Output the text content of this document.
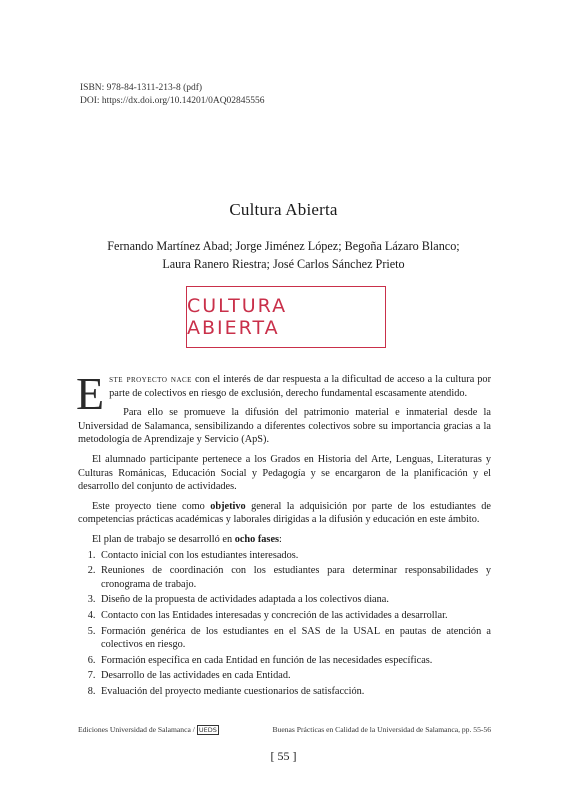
ISBN: 978-84-1311-213-8 (pdf)
DOI: https://dx.doi.org/10.14201/0AQ02845556
Cultura Abierta
Fernando Martínez Abad; Jorge Jiménez López; Begoña Lázaro Blanco;
Laura Ranero Riestra; José Carlos Sánchez Prieto
CULTURA ABIERTA

Este proyecto nace con el interés de dar respuesta a la dificultad de acceso a la cultura por parte de colectivos en riesgo de exclusión, derecho fundamental escasamente atendido.

Para ello se promueve la difusión del patrimonio material e inmaterial desde la Universidad de Salamanca, sensibilizando a diferentes colectivos sobre su importancia gracias a la metodología de Aprendizaje y Servicio (ApS).

El alumnado participante pertenece a los Grados en Historia del Arte, Lenguas, Literaturas y Culturas Románicas, Educación Social y Pedagogía y se encargaron de la planificación y el desarrollo del conjunto de actividades.

Este proyecto tiene como objetivo general la adquisición por parte de los estudiantes de competencias prácticas académicas y laborales dirigidas a la difusión y educación en este ámbito.

El plan de trabajo se desarrolló en ocho fases:

1. Contacto inicial con los estudiantes interesados.
2. Reuniones de coordinación con los estudiantes para determinar responsabilidades y cronograma de trabajo.
3. Diseño de la propuesta de actividades adaptada a los colectivos diana.
4. Contacto con las Entidades interesadas y concreción de las actividades a desarrollar.
5. Formación genérica de los estudiantes en el SAS de la USAL en pautas de atención a colectivos en riesgo.
6. Formación específica en cada Entidad en función de las necesidades específicas.
7. Desarrollo de las actividades en cada Entidad.
8. Evaluación del proyecto mediante cuestionarios de satisfacción.
Ediciones Universidad de Salamanca / UEDS	Buenas Prácticas en Calidad de la Universidad de Salamanca, pp. 55-56
[ 55 ]
